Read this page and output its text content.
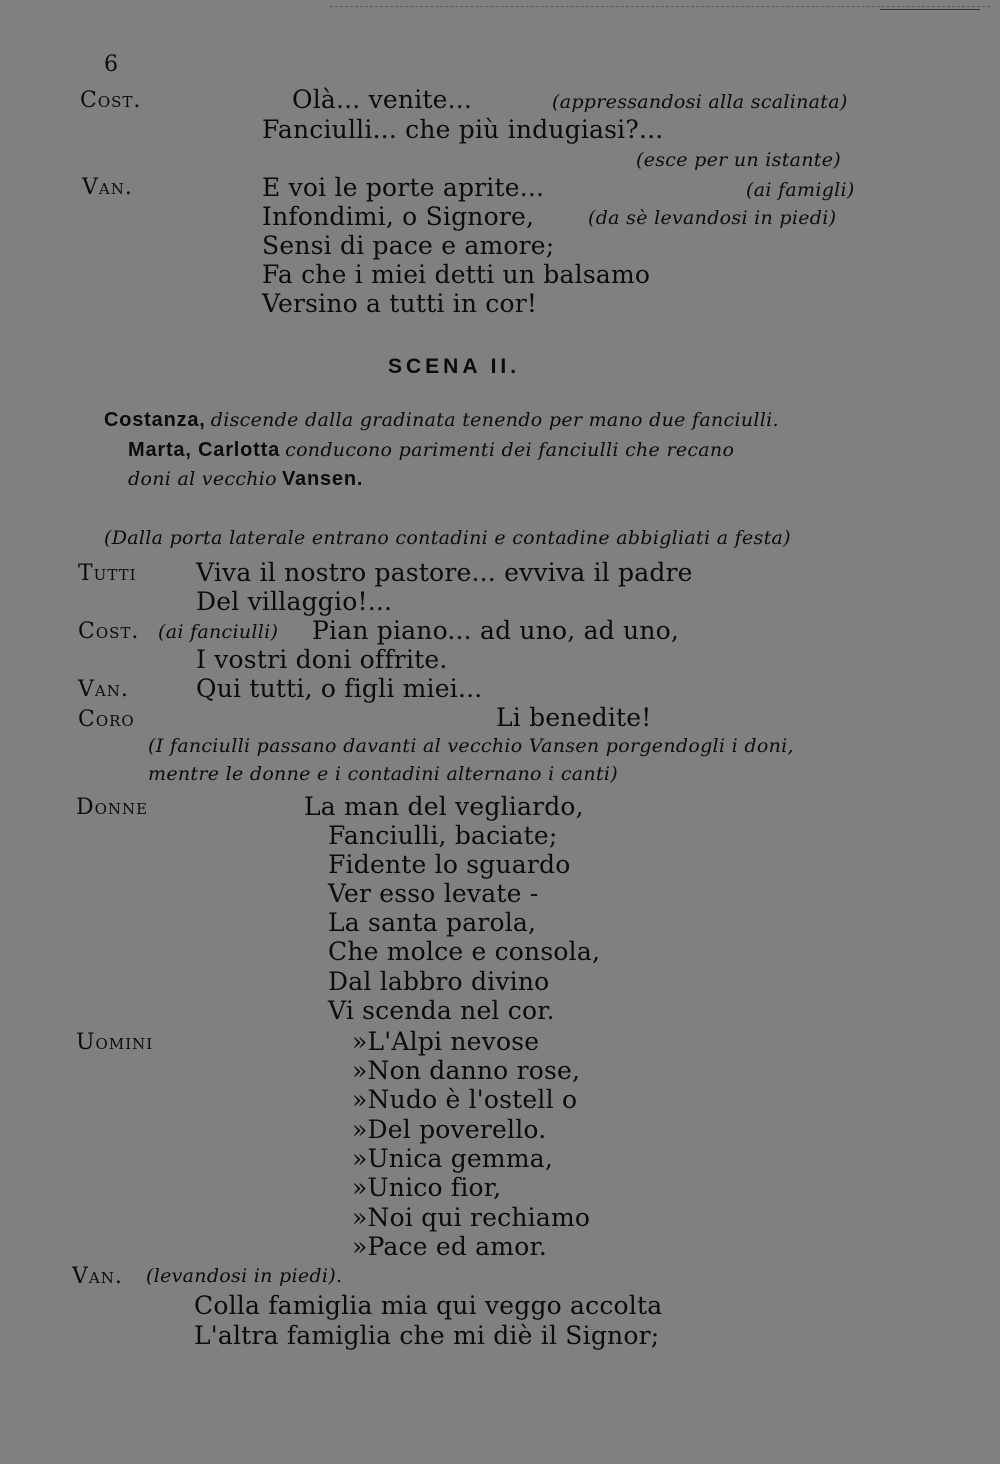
6
Cost.	Olà... venite...	(appressandosi alla scalinata)
Fanciulli... che più indugiasi?...
(esce per un istante)
Van.	E voi le porte aprite...	(ai famigli)
Infondimi, o Signore,	(da sè levandosi in piedi)
Sensi di pace e amore;
Fa che i miei detti un balsamo
Versino a tutti in cor!
SCENA II.
Costanza, discende dalla gradinata tenendo per mano due fanciulli.
Marta, Carlotta conducono parimenti dei fanciulli che recano
doni al vecchio Vansen.
(Dalla porta laterale entrano contadini e contadine abbigliati a festa)
Tutti Viva il nostro pastore... evviva il padre
Del villaggio!...
Cost. (ai fanciulli) Pian piano... ad uno, ad uno,
I vostri doni offrite.
Van.	Qui tutti, o figli miei...
Coro	Li benedite!
(I fanciulli passano davanti al vecchio Vansen porgendogli i doni,
mentre le donne e i contadini alternano i canti)
Donne	La man del vegliardo,
Fanciulli, baciate;
Fidente lo sguardo
Ver esso levate -
La santa parola,
Che molce e consola,
Dal labbro divino
Vi scenda nel cor.
Uomini	»L'Alpi nevose
»Non danno rose,
»Nudo è l'ostell o
»Del poverello.
»Unica gemma,
»Unico fior,
»Noi qui rechiamo
»Pace ed amor.
Van. (levandosi in piedi).
Colla famiglia mia qui veggo accolta
L'altra famiglia che mi diè il Signor;
